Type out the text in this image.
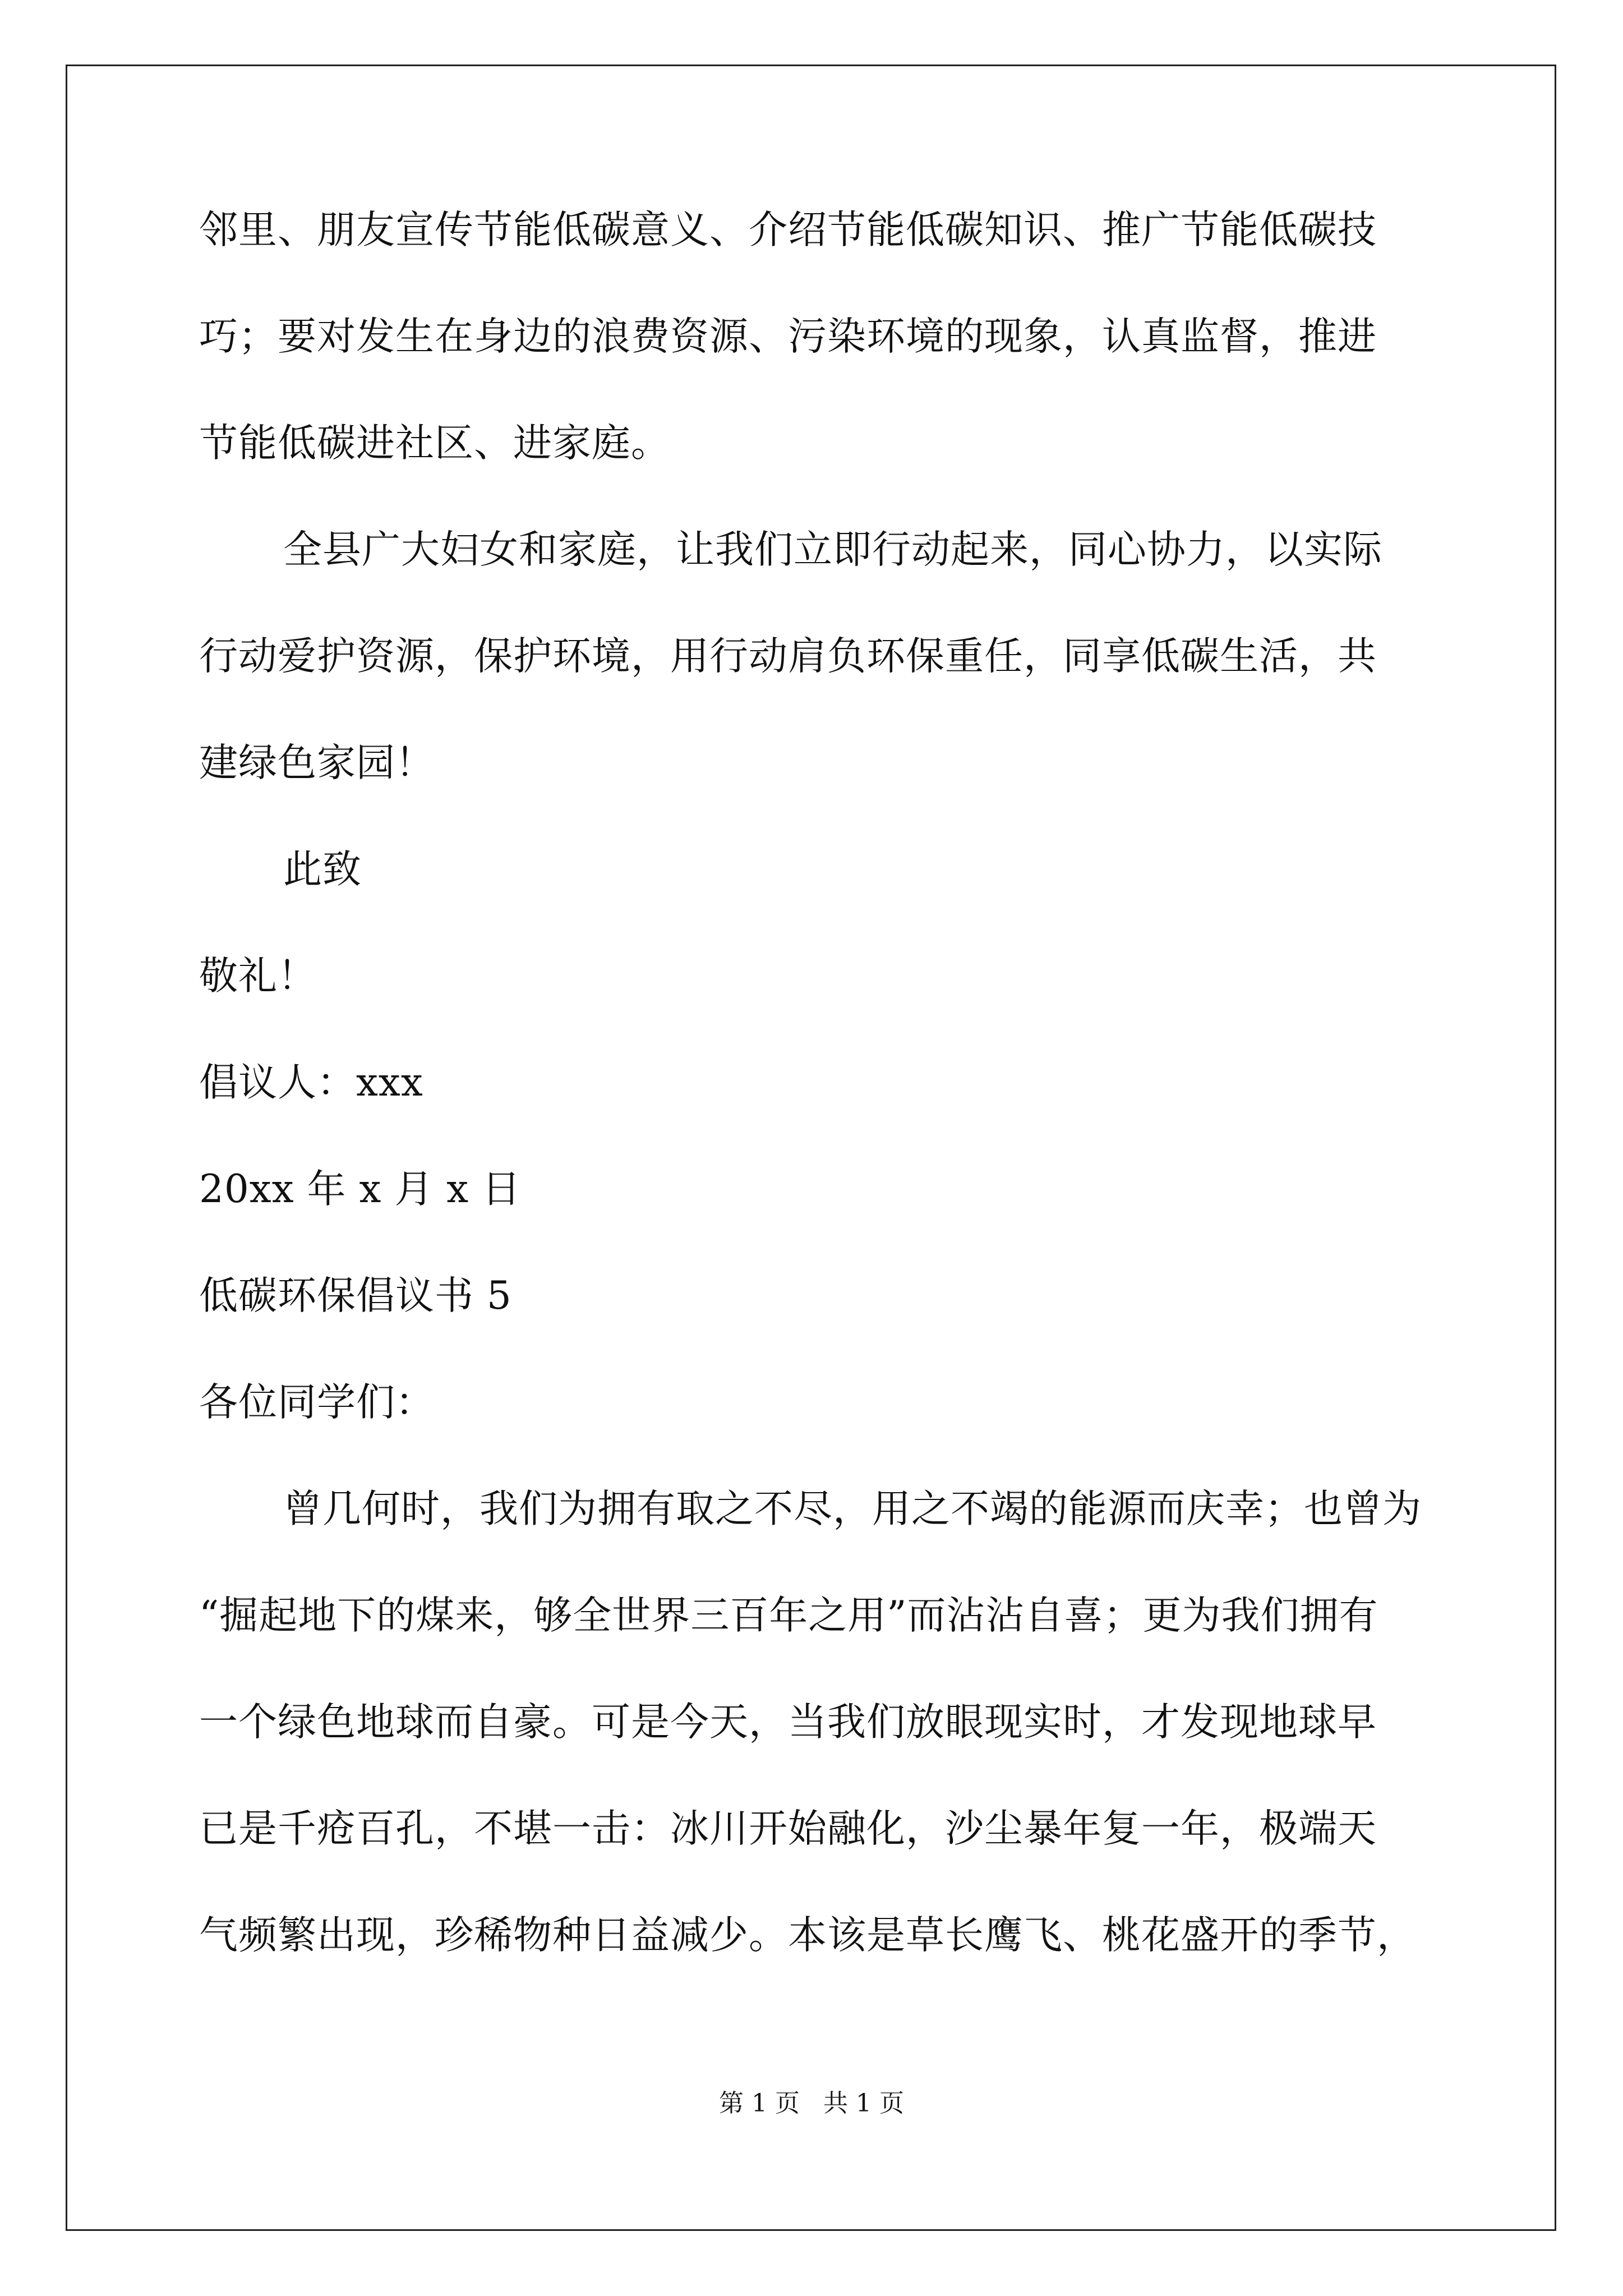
邻里、朋友宣传节能低碳意义、介绍节能低碳知识、推广节能低碳技
巧；要对发生在身边的浪费资源、污染环境的现象，认真监督，推进
节能低碳进社区、进家庭。
全县广大妇女和家庭，让我们立即行动起来，同心协力，以实际
行动爱护资源，保护环境，用行动肩负环保重任，同享低碳生活，共
建绿色家园！
此致
敬礼！
倡议人：xxx
20xx 年 x 月 x 日
低碳环保倡议书 5
各位同学们：
曾几何时，我们为拥有取之不尽，用之不竭的能源而庆幸；也曾为
“掘起地下的煤来，够全世界三百年之用”而沾沾自喜；更为我们拥有
一个绿色地球而自豪。可是今天，当我们放眼现实时，才发现地球早
已是千疮百孔，不堪一击：冰川开始融化，沙尘暴年复一年，极端天
气频繁出现，珍稀物种日益减少。本该是草长鹰飞、桃花盛开的季节，
第 1 页   共 1 页
